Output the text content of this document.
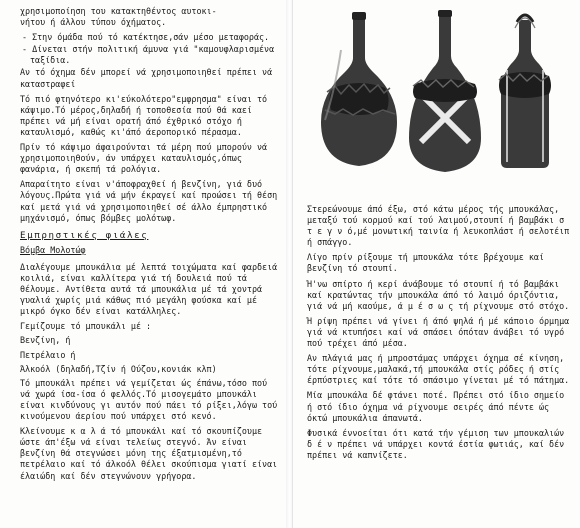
χρησιμοποίηση του κατακτηθέντος αυτοκι-

νήτου ή άλλου τύπου όχήματος.

- Στην όμάδα πού τό κατέκτησε,σάν μέσο μεταφοράς.

- Δίνεται στήν πολιτική άμυνα γιά "καμουφλαρισμένα ταξίδια.

Αν τό όχημα δέν μπορεί νά χρησιμοποιηθεί πρέπει νά καταστραφεί

Τό πιό φτηνότερο κι'εύκολότερο"εμφρησμα" είναι τό κάψιμο.Τό μέρος,δηλαδή ή τοποθεσία πού θά καεί πρέπει νά μή είναι ορατή άπό έχθρικό στόχο ή καταυλισμό, καθώς κι'άπό άεροπορικό πέρασμα.

Πρίν τό κάψιμο άφαιρούνται τά μέρη πού μπορούν νά χρησιμοποιηθούν, άν υπάρχει καταυλισμός,όπως φανάρια, ή σκεπή τά ρολόγια.

Απαραίτητο είναι ν'άποφραχθεί ή βενζίνη, γιά δυό λόγους.Πρώτα γιά νά μήν έκραγεί καί προώσει τή θέση καί μετά γιά νά χρησιμοποιηθεί σέ άλλο έμπρηστικό μηχάνισμό, όπως βόμβες μολότωφ.

Εμπρηστικές φιάλες

Βόμβα Μολοτώφ

Διαλέγουμε μπουκάλια μέ λεπτά τοιχώματα καί φαρδειά κοιλιά, είναι καλλίτερα γιά τή δουλειά πού τά θέλουμε. Αντίθετα αυτά τά μπουκάλια μέ τά χοντρά γυαλιά χωρίς μιά κάθως πιό μεγάλη φούσκα καί μέ μικρό όγκο δέν είναι κατάλληλες.

Γεμίζουμε τό μπουκάλι μέ :

Βενζίνη, ή

Πετρέλαιο ή

Άλκοόλ (δηλαδή,Τζίν ή Ούζου,κονιάκ κλπ)

Τό μπουκάλι πρέπει νά γεμίζεται ώς έπάνω,τόσο πού νά χωρά ίσα-ίσα ό φελλός.Τό μισογεμάτο μπουκάλι είναι κινδύνους γι αυτόν πού πάει τό ρίξει,λόγω τού κινούμενου άερίου πού υπάρχει στό κενό.

Κλείνουμε κ α λ ά τό μπουκάλι καί τό σκουπίζουμε ώστε άπ'έξω νά είναι τελείως στεγνό. Άν είναι βενζίνη θά στεγνώσει μόνη της έξατμισμένη,τό πετρέλαιο καί τό άλκοόλ θέλει σκούπισμα γιατί είναι έλαιώδη καί δέν στεγνώνουν γρήγορα.

Στερεώνουμε άπό έξω, στό κάτω μέρος τής μπουκάλας, μεταξύ τού κορμού καί τού λαιμού,στουπί ή βαμβάκι σ τ ε γ ν ό,μέ μονωτική ταινία ή λευκοπλάστ ή σελοτέιπ ή σπάγγο.

Λίγο πρίν ρίξουμε τή μπουκάλα τότε βρέχουμε καί βενζίνη τό στουπί.

Ή'νω σπίρτο ή κερί άνάβουμε τό στουπί ή τό βαμβάκι καί κρατώντας τήν μπουκάλα άπό τό λαιμό όριζόντια, γιά νά μή καούμε, ά μ έ σ ω ς τή ρίχνουμε στό στόχο.

Ή ρίψη πρέπει νά γίνει ή άπό ψηλά ή μέ κάποιο όρμημα γιά νά κτυπήσει καί νά σπάσει όπόταν άνάβει τό υγρό πού τρέχει άπό μέσα.

Αν πλάγιά μας ή μπροστάμας υπάρχει όχημα σέ κίνηση, τότε ρίχνουμε,μαλακά,τή μπουκάλα στίς ρόδες ή στίς έρπύστριες καί τότε τό σπάσιμο γίνεται μέ τό πάτημα.

Μία μπουκάλα δέ φτάνει ποτέ. Πρέπει στό ίδιο σημείο ή στό ίδιο όχημα νά ρίχνουμε σειρές άπό πέντε ώς όκτώ μπουκάλια άπανωτά.

Φυσικά έννοείται ότι κατά τήν γέμιση των μπουκαλιών δ έ ν πρέπει νά υπάρχει κοντά έστία φωτιάς, καί δέν πρέπει νά καπνίζετε.
